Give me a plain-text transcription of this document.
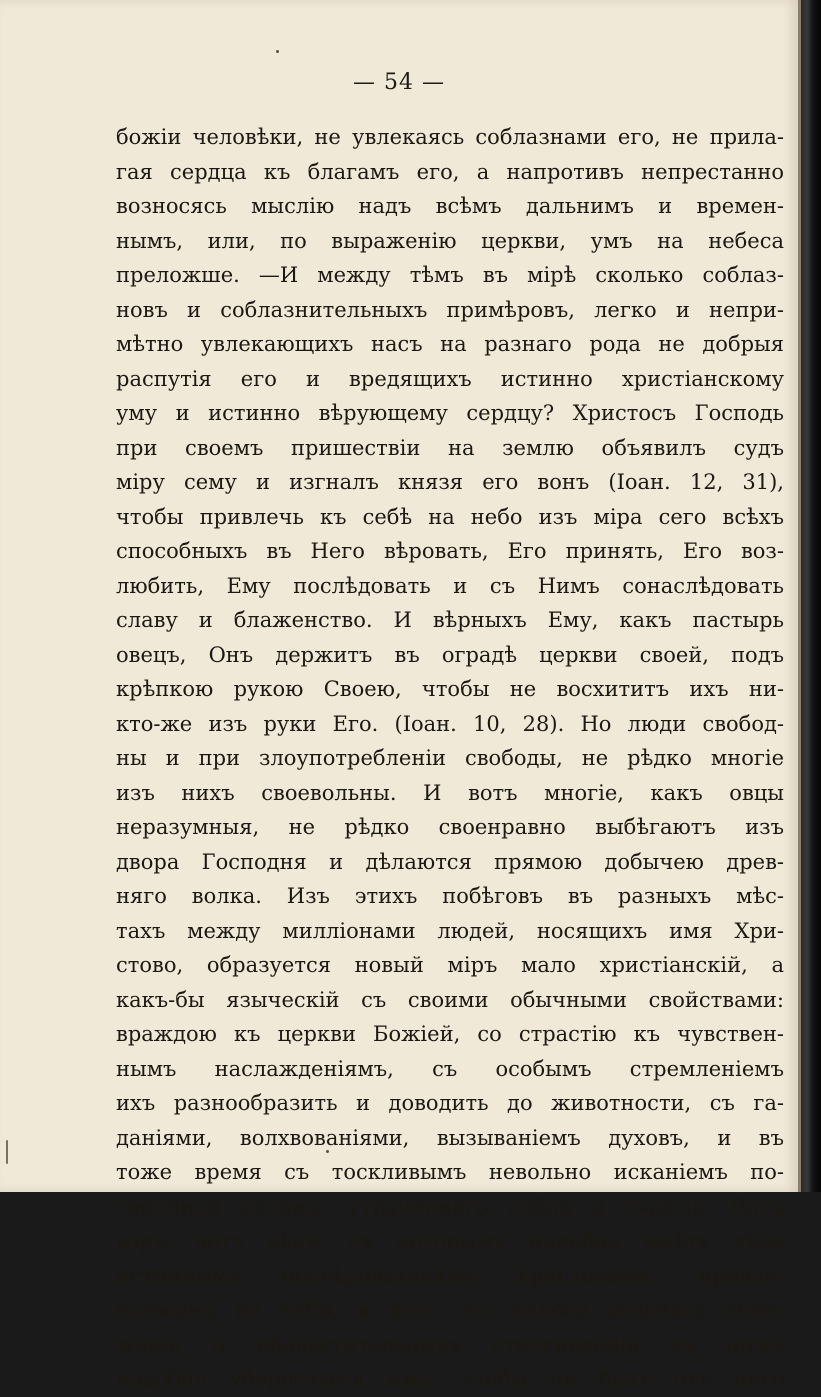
— 54 —
божіи человѣки, не увлекаясь соблазнами его, не прила-
гая сердца къ благамъ его, а напротивъ непрестанно
возносясь мыслію надъ всѣмъ дальнимъ и времен-
нымъ, или, по выраженію церкви, умъ на небеса
преложше. —И между тѣмъ въ мірѣ сколько соблаз-
новъ и соблазнительныхъ примѣровъ, легко и непри-
мѣтно увлекающихъ насъ на разнаго рода не добрыя
распутія его и вредящихъ истинно христіанскому
уму и истинно вѣрующему сердцу? Христосъ Господь
при своемъ пришествіи на землю объявилъ судъ
міру сему и изгналъ князя его вонъ (Іоан. 12, 31),
чтобы привлечь къ себѣ на небо изъ міра сего всѣхъ
способныхъ въ Него вѣровать, Его принять, Его воз-
любить, Ему послѣдовать и съ Нимъ сонаслѣдовать
славу и блаженство. И вѣрныхъ Ему, какъ пастырь
овецъ, Онъ держитъ въ оградѣ церкви своей, подъ
крѣпкою рукою Своею, чтобы не восхититъ ихъ ни-
кто-же изъ руки Его. (Іоан. 10, 28). Но люди свобод-
ны и при злоупотребленіи свободы, не рѣдко многіе
изъ нихъ своевольны. И вотъ многіе, какъ овцы
неразумныя, не рѣдко своенравно выбѣгаютъ изъ
двора Господня и дѣлаются прямою добычею древ-
няго волка. Изъ этихъ побѣговъ въ разныхъ мѣс-
тахъ между милліонами людей, носящихъ имя Хри-
стово, образуется новый міръ мало христіанскій, а
какъ-бы языческій съ своими обычными свойствами:
враждою къ церкви Божіей, со страстію къ чувствен-
нымъ наслажденіямъ, съ особымъ стремленіемъ
ихъ разнообразить и доводить до животности, съ га-
даніями, волхвованіями, вызываніемъ духовъ, и въ
тоже время съ тоскливымъ невольно исканіемъ по-
терянной истины, утраченнаго добра и счастія. Вотъ
міръ, вотъ вѣкъ, съ которымъ надобно имѣть дѣло
истиннымъ послѣдователямъ Христовымъ, привле-
каемымъ на небо, и вотъ отъ какого опаснаго сбли-
женія и обольстительныхъ столкновеній съ нимъ
надобно уберегаться имъ, чтобы не быть отъ него
